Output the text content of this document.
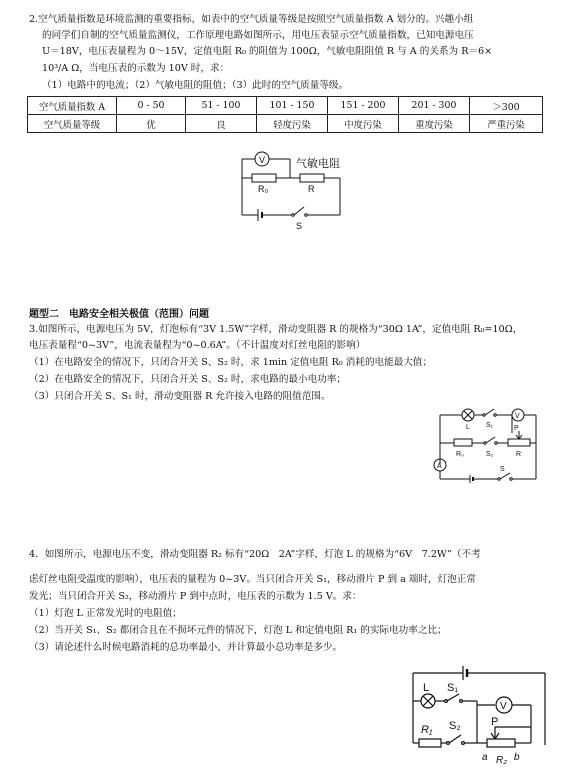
2.空气质量指数是环境监测的重要指标，如表中的空气质量等级是按照空气质量指数 A 划分的。兴趣小组
的同学们自制的空气质量监测仪，工作原理电路如图所示，用电压表显示空气质量指数，已知电源电压
U＝18V，电压表量程为 0～15V，定值电阻 R₀ 的阻值为 100Ω，气敏电阻阻值 R 与 A 的关系为 R＝6×
10³/A Ω，当电压表的示数为 10V 时，求：
（1）电路中的电流；（2）气敏电阻的阻值；（3）此时的空气质量等级。
空气质量指数 A	0 - 50	51 - 100	101 - 150	151 - 200	201 - 300	＞300
空气质量等级	优	良	轻度污染	中度污染	重度污染	严重污染
V	气敏电阻
R₀	R
S
题型二　电路安全相关极值（范围）问题
3.如图所示，电源电压为 5V，灯泡标有“3V 1.5W”字样，滑动变阻器 R 的规格为“30Ω 1A”，定值电阻 R₀=10Ω，
电压表量程“0~3V”，电流表量程为“0~0.6A”。（不计温度对灯丝电阻的影响）
（1）在电路安全的情况下，只闭合开关 S、S₂ 时，求 1min 定值电阻 R₀ 消耗的电能最大值；
（2）在电路安全的情况下，只闭合开关 S、S₂ 时，求电路的最小电功率；
（3）只闭合开关 S、S₁ 时，滑动变阻器 R 允许接入电路的阻值范围。
V
L S₁	P
R₀	S₂	R
A	S
4．如图所示，电源电压不变，滑动变阻器 R₂ 标有“20Ω　2A”字样，灯泡 L 的规格为“6V　7.2W”（不考
虑灯丝电阻受温度的影响），电压表的量程为 0~3V。当只闭合开关 S₁，移动滑片 P 到 a 端时，灯泡正常
发光；当只闭合开关 S₂，移动滑片 P 到中点时，电压表的示数为 1.5 V。求：
（1）灯泡 L 正常发光时的电阻值；
（2）当开关 S₁、S₂ 都闭合且在不损坏元件的情况下，灯泡 L 和定值电阻 R₁ 的实际电功率之比；
（3）请论述什么时候电路消耗的总功率最小，并计算最小总功率是多少。
L S₁
V
R₁ S₂	P
a R₂ b
